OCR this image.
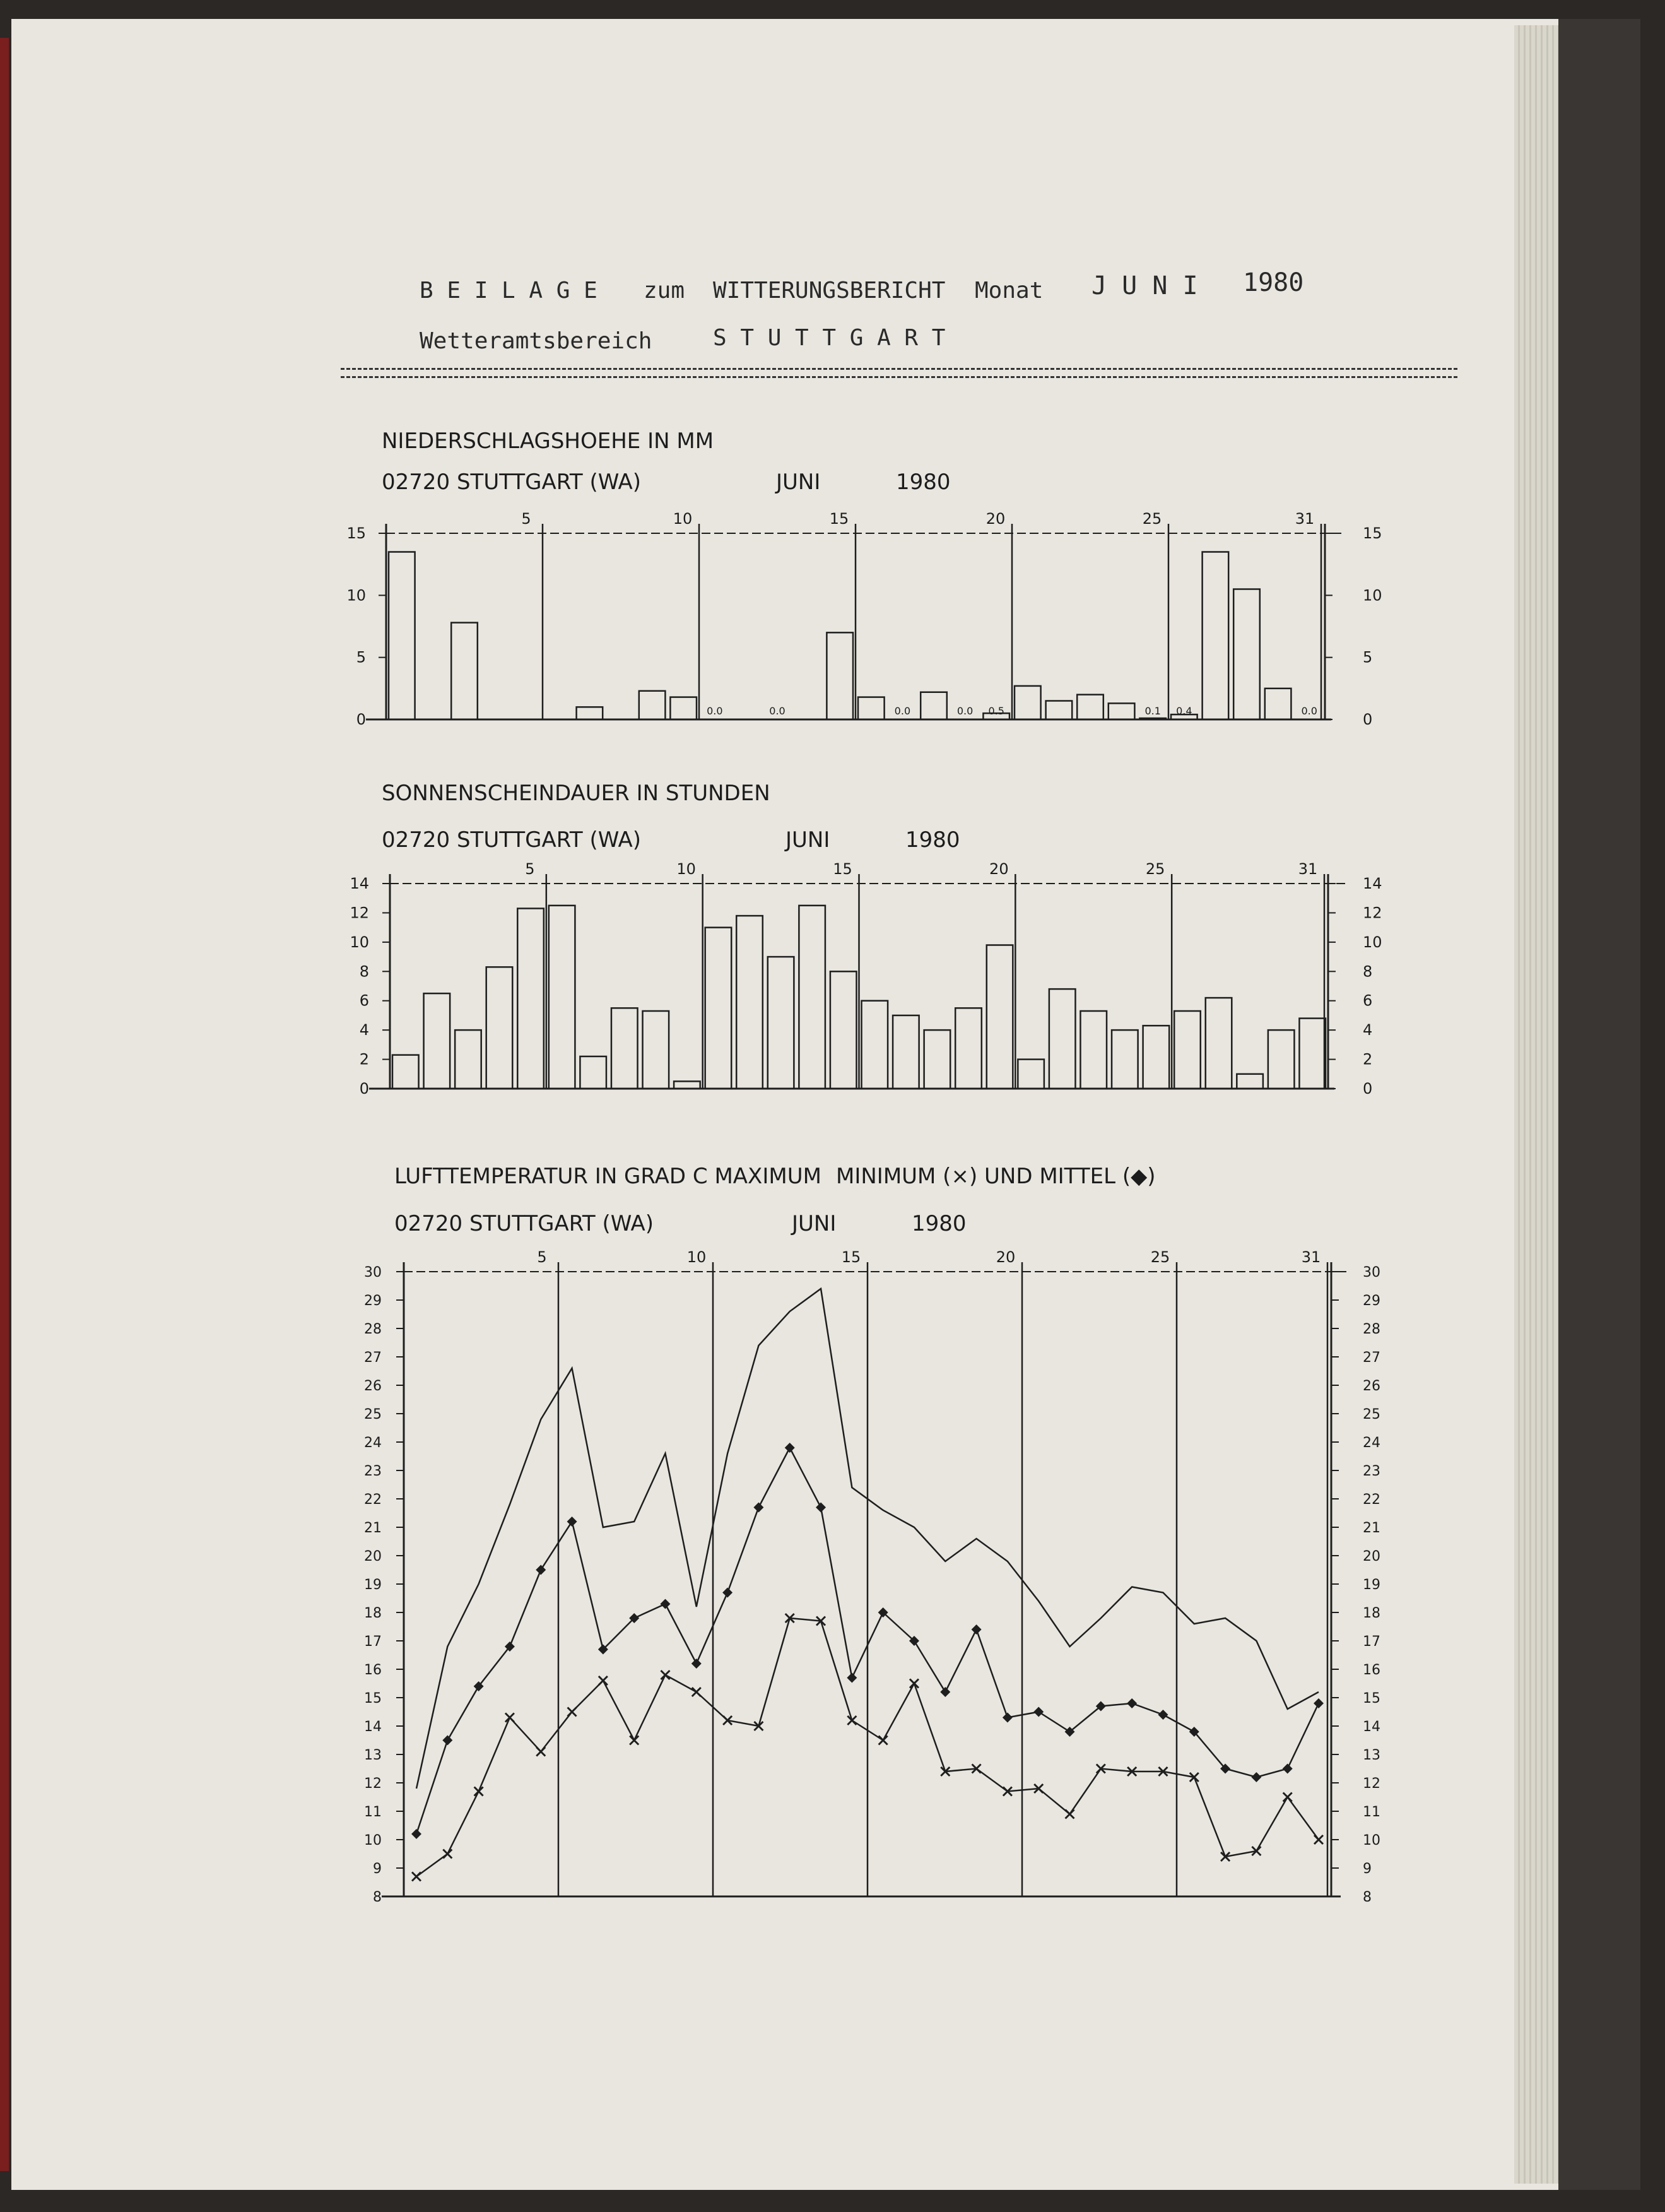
B E I L A G E zum WITTERUNGSBERICHT Monat J U N I 1980
Wetteramtsbereich	S T U T T G A R T
NIEDERSCHLAGSHOEHE IN MM
02720 STUTTGART (WA)	JUNI	1980
5	10	15	20	25	31
0
5
10
15
0
5
10
15
0.0	0.0	0.0	0.0 0.5	0.1 0.4	0.0
SONNENSCHEINDAUER IN STUNDEN
02720 STUTTGART (WA)	JUNI	1980
5	10	15	20	25	31
0
2
4
6
8
10
12
14
0
2
4
6
8
10
12
14
LUFTTEMPERATUR IN GRAD C MAXIMUM MINIMUM (×) UND MITTEL (◆)
02720 STUTTGART (WA)	JUNI	1980
5	10	15	20	25	31
8
9
10
11
12
13
14
15
16
17
18
19
20
21
22
23
24
25
26
27
28
29
30
8
9
10
11
12
13
14
15
16
17
18
19
20
21
22
23
24
25
26
27
28
29
30
